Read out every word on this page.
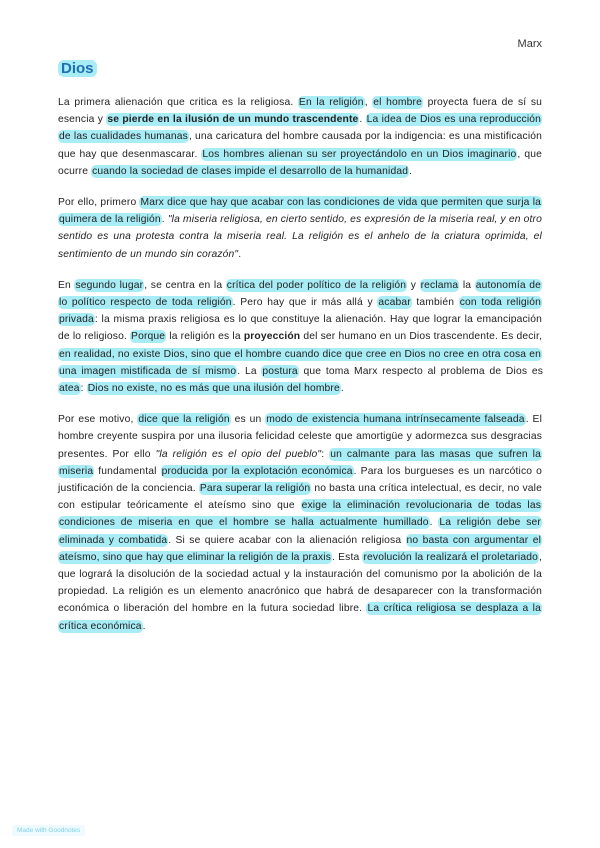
Marx
Dios

La primera alienación que critica es la religiosa. En la religión, el hombre proyecta fuera de sí su esencia y se pierde en la ilusión de un mundo trascendente. La idea de Dios es una reproducción de las cualidades humanas, una caricatura del hombre causada por la indigencia: es una mistificación que hay que desenmascarar. Los hombres alienan su ser proyectándolo en un Dios imaginario, que ocurre cuando la sociedad de clases impide el desarrollo de la humanidad.

Por ello, primero Marx dice que hay que acabar con las condiciones de vida que permiten que surja la quimera de la religión. "la miseria religiosa, en cierto sentido, es expresión de la miseria real, y en otro sentido es una protesta contra la miseria real. La religión es el anhelo de la criatura oprimida, el sentimiento de un mundo sin corazón".

En segundo lugar, se centra en la crítica del poder político de la religión y reclama la autonomía de lo político respecto de toda religión. Pero hay que ir más allá y acabar también con toda religión privada: la misma praxis religiosa es lo que constituye la alienación. Hay que lograr la emancipación de lo religioso. Porque la religión es la proyección del ser humano en un Dios trascendente. Es decir, en realidad, no existe Dios, sino que el hombre cuando dice que cree en Dios no cree en otra cosa en una imagen mistificada de sí mismo. La postura que toma Marx respecto al problema de Dios es atea: Dios no existe, no es más que una ilusión del hombre.

Por ese motivo, dice que la religión es un modo de existencia humana intrínsecamente falseada. El hombre creyente suspira por una ilusoria felicidad celeste que amortigüe y adormezca sus desgracias presentes. Por ello "la religión es el opio del pueblo": un calmante para las masas que sufren la miseria fundamental producida por la explotación económica. Para los burgueses es un narcótico o justificación de la conciencia. Para superar la religión no basta una crítica intelectual, es decir, no vale con estipular teóricamente el ateísmo sino que exige la eliminación revolucionaria de todas las condiciones de miseria en que el hombre se halla actualmente humillado. La religión debe ser eliminada y combatida. Si se quiere acabar con la alienación religiosa no basta con argumentar el ateísmo, sino que hay que eliminar la religión de la praxis. Esta revolución la realizará el proletariado, que logrará la disolución de la sociedad actual y la instauración del comunismo por la abolición de la propiedad. La religión es un elemento anacrónico que habrá de desaparecer con la transformación económica o liberación del hombre en la futura sociedad libre. La crítica religiosa se desplaza a la crítica económica.

Made with Goodnotes
